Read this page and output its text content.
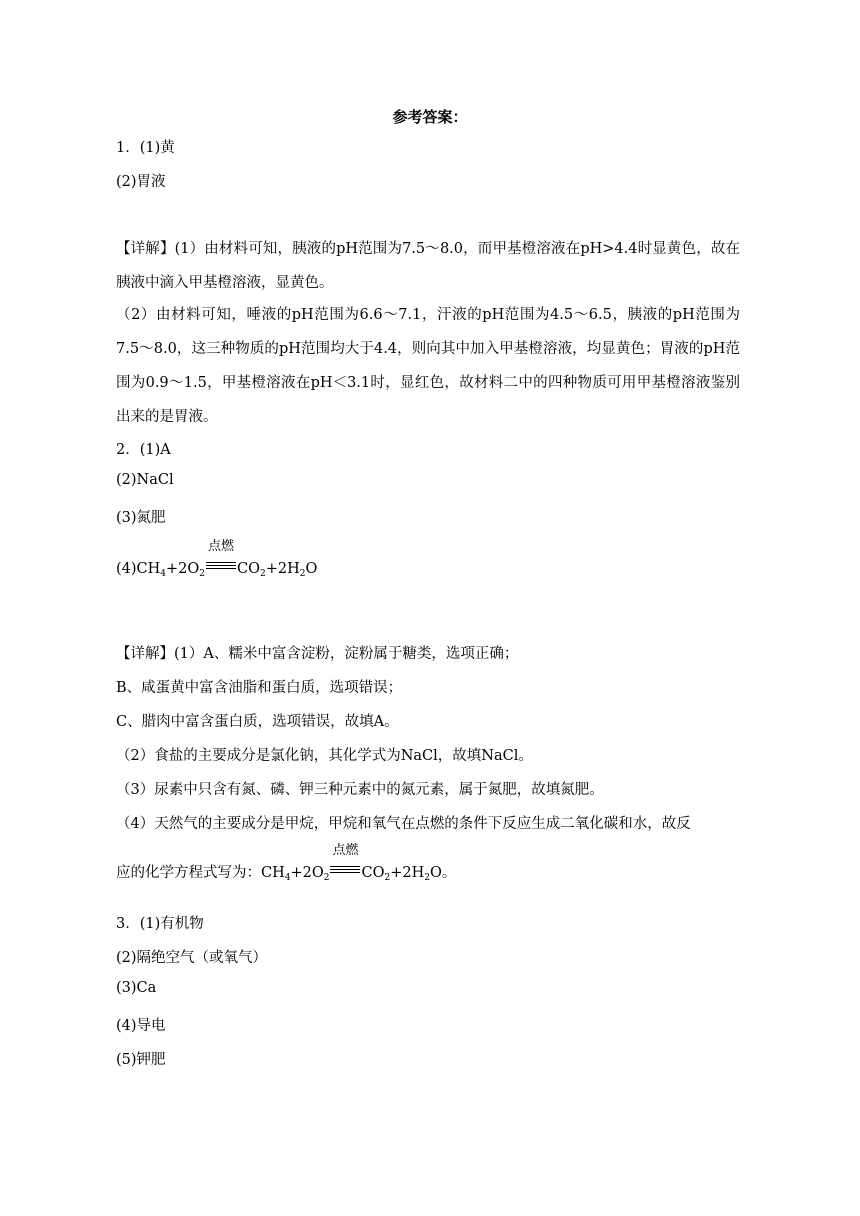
参考答案：
1．(1)黄
(2)胃液
【详解】(1）由材料可知，胰液的pH范围为7.5～8.0，而甲基橙溶液在pH>4.4时显黄色，故在胰液中滴入甲基橙溶液，显黄色。
（2）由材料可知，唾液的pH范围为6.6～7.1，汗液的pH范围为4.5～6.5，胰液的pH范围为7.5～8.0，这三种物质的pH范围均大于4.4，则向其中加入甲基橙溶液，均显黄色；胃液的pH范围为0.9～1.5，甲基橙溶液在pH＜3.1时，显红色，故材料二中的四种物质可用甲基橙溶液鉴别出来的是胃液。
2．(1)A
(2)NaCl
(3)氮肥
$(4)CH_4+2O_2$
点燃
$CO_2+2H_2O$
【详解】(1）A、糯米中富含淀粉，淀粉属于糖类，选项正确；
B、咸蛋黄中富含油脂和蛋白质，选项错误；
C、腊肉中富含蛋白质，选项错误，故填A。
（2）食盐的主要成分是氯化钠，其化学式为NaCl，故填NaCl。
（3）尿素中只含有氮、磷、钾三种元素中的氮元素，属于氮肥，故填氮肥。
（4）天然气的主要成分是甲烷，甲烷和氧气在点燃的条件下反应生成二氧化碳和水，故反
应的化学方程式写为：$CH_4+2O_2$
点燃
$CO_2+2H_2O$。
3．(1)有机物
(2)隔绝空气（或氧气）
(3)Ca
(4)导电
(5)钾肥
